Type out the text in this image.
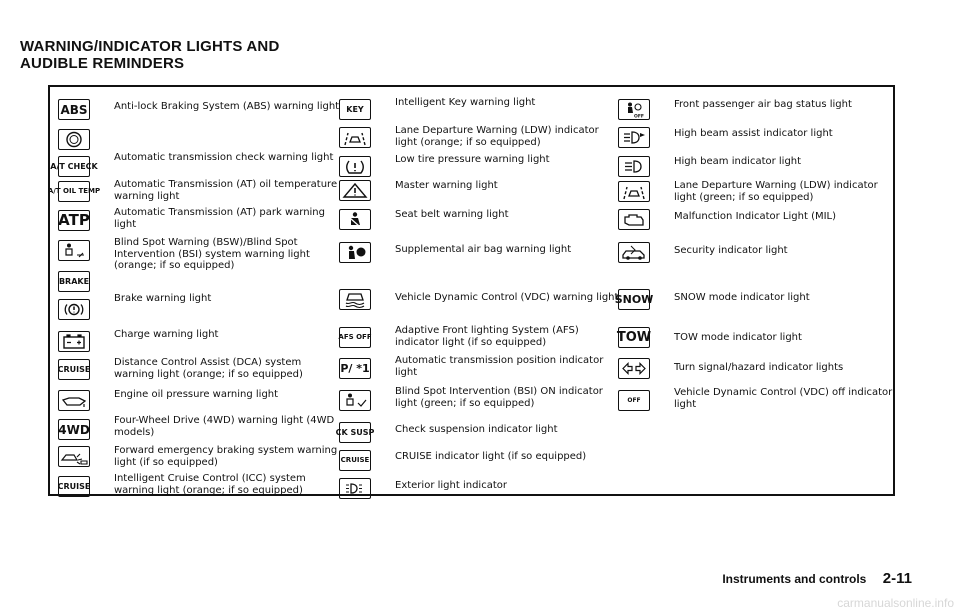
WARNING/INDICATOR LIGHTS AND
AUDIBLE REMINDERS
ABS	Anti-lock Braking System (ABS) warning light
A/T CHECK
Automatic transmission check warning light
A/T OIL TEMP
Automatic Transmission (AT) oil temperature warning light
ATP Automatic Transmission (AT) park warning light
Blind Spot Warning (BSW)/Blind Spot Intervention (BSI) system warning light (orange; if so equipped)
BRAKE
Brake warning light
Charge warning light
CRUISE
Distance Control Assist (DCA) system warning light (orange; if so equipped)
Engine oil pressure warning light
4WD
Four-Wheel Drive (4WD) warning light (4WD models)
Forward emergency braking system warning light (if so equipped)
CRUISE
Intelligent Cruise Control (ICC) system warning light (orange; if so equipped)
KEY
Intelligent Key warning light
Lane Departure Warning (LDW) indicator light (orange; if so equipped)
Low tire pressure warning light
Master warning light
Seat belt warning light
Supplemental air bag warning light
Vehicle Dynamic Control (VDC) warning light
AFS OFF
Adaptive Front lighting System (AFS) indicator light (if so equipped)
P/ *1
Automatic transmission position indicator light
Blind Spot Intervention (BSI) ON indicator light (green; if so equipped)
CK SUSP Check suspension indicator light
CRUISE	CRUISE indicator light (if so equipped)
Exterior light indicator
OFF
Front passenger air bag status light
High beam assist indicator light
High beam indicator light
Lane Departure Warning (LDW) indicator light (green; if so equipped)
Malfunction Indicator Light (MIL)
Security indicator light
SNOW SNOW mode indicator light
TOW TOW mode indicator light
Turn signal/hazard indicator lights
OFF
Vehicle Dynamic Control (VDC) off indicator light
Instruments and controls 2-11
carmanualsonline.info
